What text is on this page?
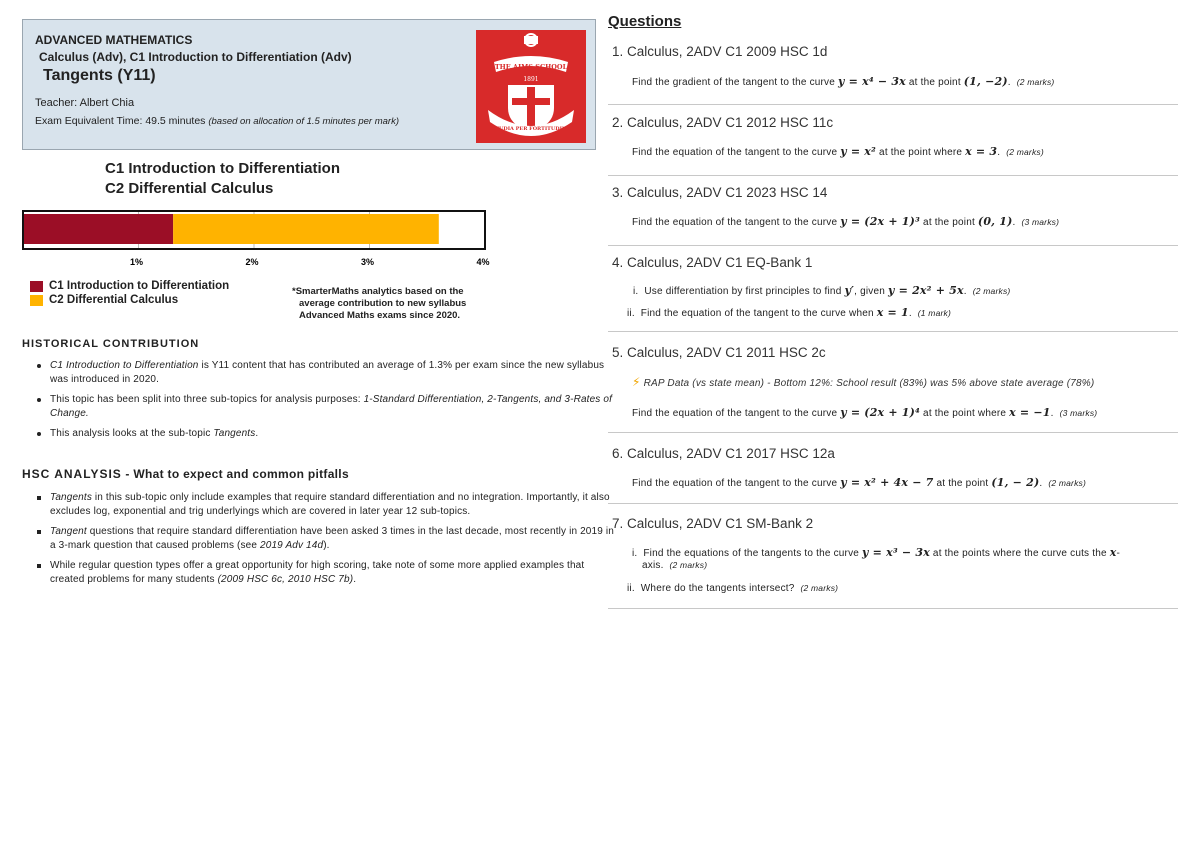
ADVANCED MATHEMATICS
Calculus (Adv), C1 Introduction to Differentiation (Adv)
Tangents (Y11)
Teacher: Albert Chia
Exam Equivalent Time: 49.5 minutes (based on allocation of 1.5 minutes per mark)
THE AIMS SCHOOL
1891
STUDIA PER FORTITUDINE
C1 Introduction to Differentiation
C2 Differential Calculus
1%	2%	3%	4%
C1 Introduction to Differentiation
C2 Differential Calculus
*SmarterMaths analytics based on the
average contribution to new syllabus
Advanced Maths exams since 2020.
HISTORICAL CONTRIBUTION
C1 Introduction to Differentiation is Y11 content that has contributed an average of 1.3% per exam since the new syllabus was introduced in 2020.
This topic has been split into three sub-topics for analysis purposes: 1-Standard Differentiation, 2-Tangents, and 3-Rates of Change.
This analysis looks at the sub-topic Tangents.
HSC ANALYSIS - What to expect and common pitfalls
Tangents in this sub-topic only include examples that require standard differentiation and no integration. Importantly, it also excludes log, exponential and trig underlyings which are covered in later year 12 sub-topics.
Tangent questions that require standard differentiation have been asked 3 times in the last decade, most recently in 2019 in a 3-mark question that caused problems (see 2019 Adv 14d).
While regular question types offer a great opportunity for high scoring, take note of some more applied examples that created problems for many students (2009 HSC 6c, 2010 HSC 7b).
Questions
1. Calculus, 2ADV C1 2009 HSC 1d
Find the gradient of the tangent to the curve y = x⁴ − 3x at the point (1, −2). (2 marks)
2. Calculus, 2ADV C1 2012 HSC 11c
Find the equation of the tangent to the curve y = x² at the point where x = 3. (2 marks)
3. Calculus, 2ADV C1 2023 HSC 14
Find the equation of the tangent to the curve y = (2x + 1)³ at the point (0, 1). (3 marks)
4. Calculus, 2ADV C1 EQ-Bank 1
i. Use differentiation by first principles to find y′, given y = 2x² + 5x. (2 marks)
ii. Find the equation of the tangent to the curve when x = 1. (1 mark)
5. Calculus, 2ADV C1 2011 HSC 2c
⚡ RAP Data (vs state mean) - Bottom 12%: School result (83%) was 5% above state average (78%)
Find the equation of the tangent to the curve y = (2x + 1)⁴ at the point where x = −1. (3 marks)
6. Calculus, 2ADV C1 2017 HSC 12a
Find the equation of the tangent to the curve y = x² + 4x − 7 at the point (1, − 2). (2 marks)
7. Calculus, 2ADV C1 SM-Bank 2
i. Find the equations of the tangents to the curve y = x³ − 3x at the points where the curve cuts the x-
axis. (2 marks)
ii. Where do the tangents intersect? (2 marks)
